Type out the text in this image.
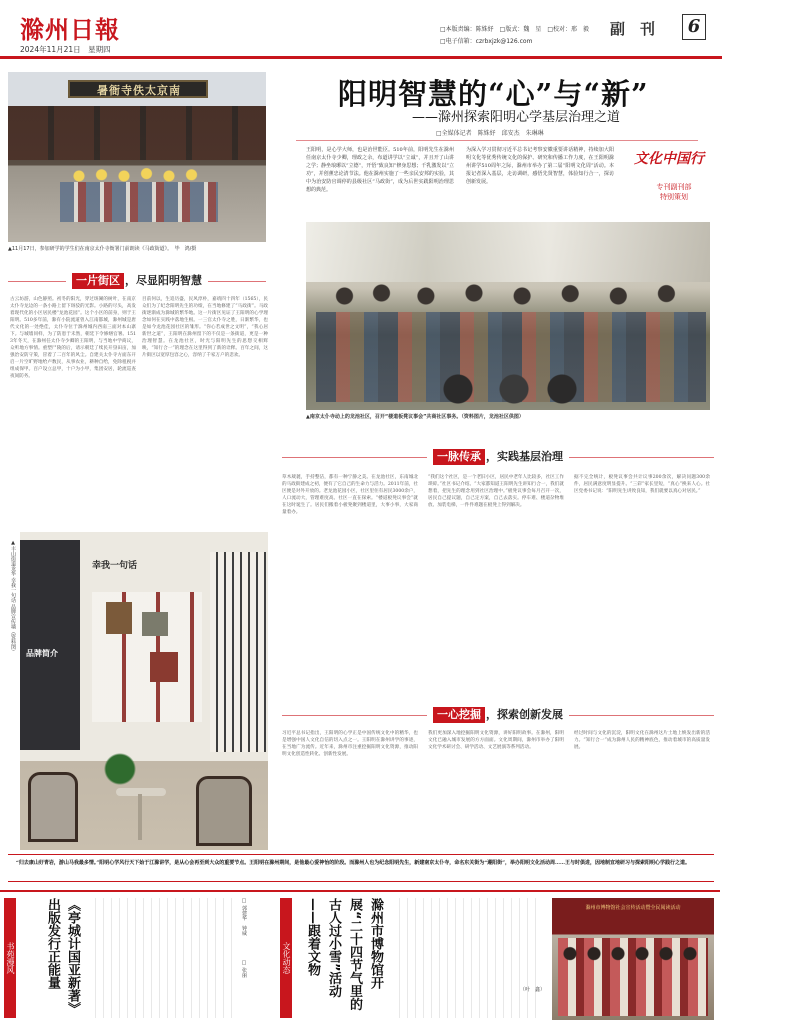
滁州日報
2024年11月21日　星期四
□本版责编：陈姝妤　□版式：魏　星　□校对：邢　毅
□电子信箱：czrbxjzk@126.com
副　刊	6
暑衙寺佚太京南
▲11月17日，参加研学的学生们在南京太仆寺衙署门前朗读《马政街道》。　毕　鸿/摄
阳明智慧的“心”与“新”
——滁州探索阳明心学基层治理之道
□全媒体记者　陈姝妤　邱安杰　朱琳琳
王阳明，是心学大师，也是治世能臣。510年前，阳明先生在滁州任南京太仆寺少卿，理政之余，布道讲学以“立诚”，并且开了山讲之学；静坐琅琊以“立德”，开悟“致良知”修身思想；千乳激发以“立功”，并创薰忠论清节法。他在滁州实施了一些亲民安邦的实验，其中为治安防官调停的县级社区“马政街”，成为后世实践阳明治理思想的典范。
为深入学习贯彻习近平总书记考察安徽重要讲话精神，持续加大阳明文化等优秀传统文化的保护、研究和传播工作力度，在王阳明滁州讲学510周年之际，滁州市举办了第二届“阳明文化周”活动。本报记者深入基层，走访调研，感悟先贤智慧，体验知行合一，探访创新发展。
文化中国行
专刊副刊部
特别策划
▲南京太仆寺动上的龙池社区，召开“楼道板凳议事会”共商社区事务。（资料图片，龙池社区供图）
一片街区 ，尽显阳明智慧
古云坊游，山色静照。初冬的阳光，穿过斑阑的树叶，在南京太仆寺龙边的一条小路上留下斑驳的光影。小路的尽头，高发着现代化的小区居民楼“龙池花园”。这个小区的前身，则于王阳明。510多年前，滁有小院流道曾入江南都城，滁州城是唐代文化的一处绝佳，太仆寺位于滁州城内西南三面对本山寨下。与城墙同样，为了防患于未然，朝廷下令修缮官署。1513年冬天，在滁州任太仆寺少卿的王阳明，与当地中学商议，众听地方事情。重塑尸陵的后，请示朝廷了续民开垦田亩，加强治安防守策，冒着了二百年的风尘。自建关太仆寺方面东开启一片空旷野地给卢数民，从事农业，耕种自给，免除租税并组成保甲。百户设立总甲，十户为小甲，集团安居，轮流巡查夜间防务。
目前何以，生追历盛，民风淳朴，嘉靖四十四年（1565），民众们为了纪念阳明先生的功绩，在当地修建了“马政街”。马政街逐渐成为滁城的繁华地。这一片街区见证了王阳明的心学理念如何在实践中落地生根。一三官太仆寺之胜，日渐繁华，也是如今龙池花园社区的雏形。“你心若成世之文明”，“我心居新世之道”，王阳明在滁州留下的不仅是一条街道，更是一种治理智慧。在龙池社区，时光与阳明先生的思想交相辉映，“知行合一”的理念在这里得到了新的诠释。百年之间，这片街区以宽厚包容之心，容纳了千家万户的悲欢。
▲丰山街道龙华 幸我一句话 品牌宣传墙（资料图） 品牌简介
幸我一句话
一脉传承 ，实践基层治理
草木葳蕤，手持整洁，都有一种宁静之美。在龙池社区，东南城北的马政街建成之初，便有了它自己的生命力与活力。2011年前，社区便是对外开放的。老龙池花园小区，社区里住有居民3000余户，人口流动大，管理难度高。社区一直在探索。“楼道板凳议事会”就在这时诞生了。居民们搬着小板凳聚到楼道里，大事小事，大家商量着办。
“我们这个社区，是一个老旧小区，居民中老年人比较多，社区工作琐碎。”社区书记介绍。“大家都知道王阳明先生讲知行合一，我们就想着，把先生的理念用到社区治理中。”板凳议事会每月召开一次，居民自己提议题，自己定方案，自己去落实。停车难、楼道杂物堆放、加装电梯，一件件难题在板凳上得到解决。
据不完全统计，板凳议事会共计议事200余次，解决问题300余件，居民满意度明显提升。“三彩”家长里短，“真心”换来人心。社区党委书记说：“阳明先生讲致良知，我们就要以真心对居民。”
一心挖掘 ，探索创新发展
习近平总书记指出，王阳明的心学正是中国传统文化中的精华，也是增强中国人文化自信的切入点之一。王阳明在滁州讲学的事迹，在当地广为流传。近年来，滁州市注重挖掘阳明文化资源，推动阳明文化创造性转化、创新性发展。
我们更加深入地挖掘阳明文化资源，讲好阳明故事。在滁州，阳明文化已融入城市发展的方方面面。文化周期间，滁州市举办了阳明文化学术研讨会、研学活动、文艺展演等系列活动。
经过时间与文化的沉淀，阳明文化在滁州这片土地上焕发出新的活力。“知行合一”成为滁州人民的精神底色，推动着城市的高质量发展。
“归去康山好青岩，游山马我最多情。”阳明心学风行天下始于江滁讲学，是从心会再至到大众的重要节点。王阳明在滁州期间，是他最心爱神怡的阶段。而滁州人也为纪念阳明先生，新建南京太仆寺，命名东关街为“遵阳街”，举办阳明文化活动周……王与时俱进，因地制宜地研习与探索阳明心学践行之道。
书苑漫风	《亭城计国亚新著》出版发行正能量	□ 郭建华　钟威
□ 张丽	文化动态	滁州市博物馆开展“二十四节气里的古人过小雪”活动——跟着文物
（叶　鑫）
滁州市博物馆社会宣传活动暨全民阅读活动
